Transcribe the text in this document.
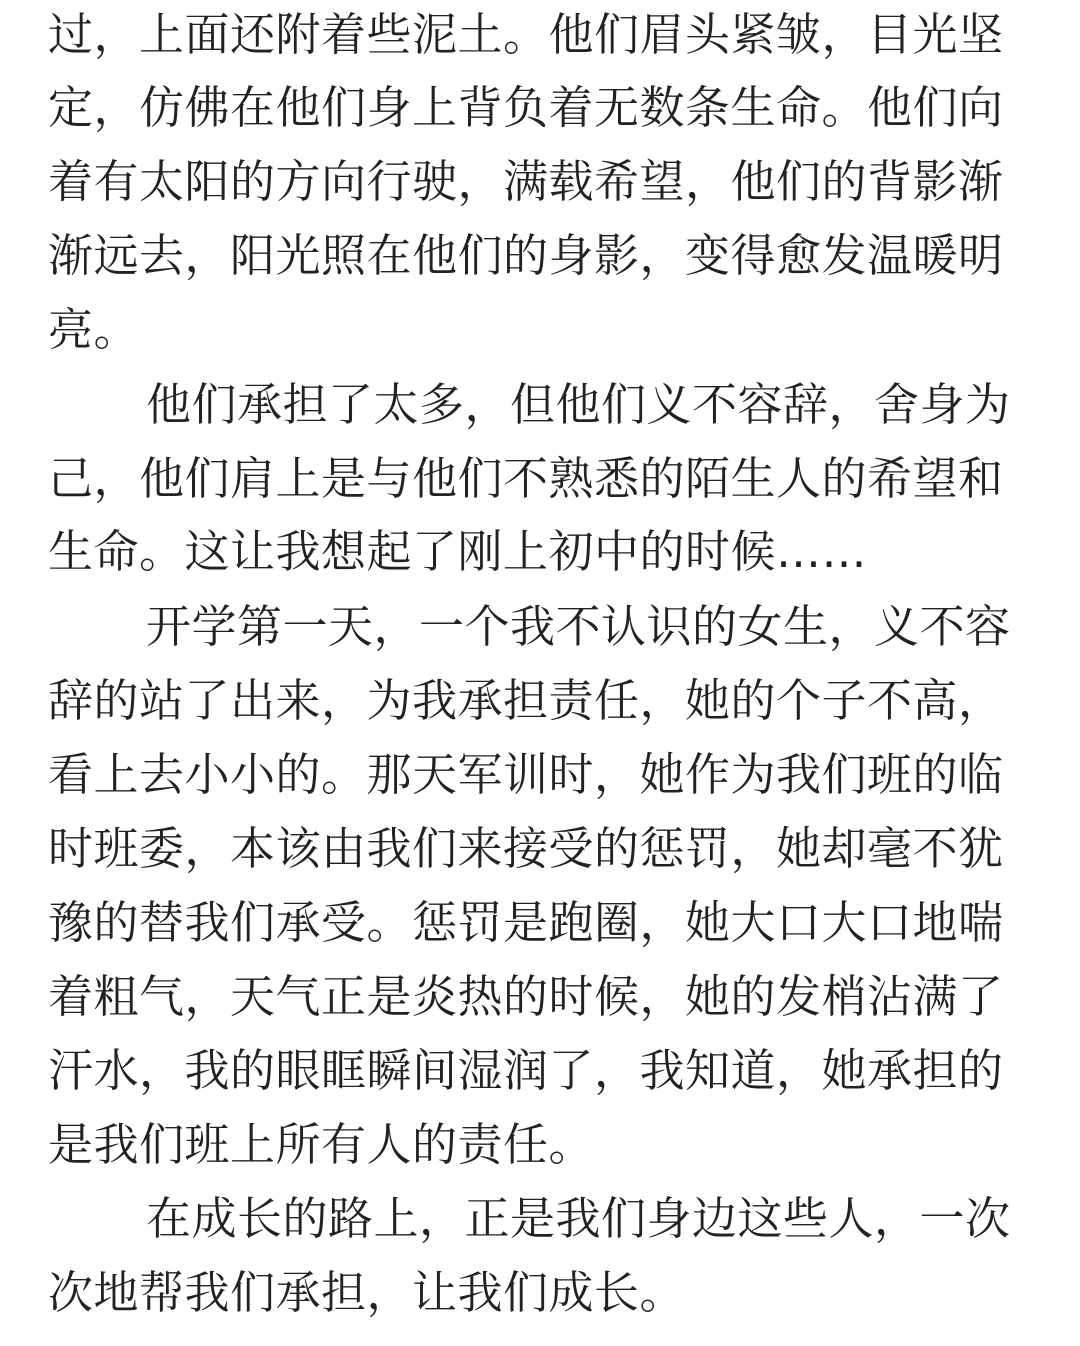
过，上面还附着些泥土。他们眉头紧皱，目光坚
定，仿佛在他们身上背负着无数条生命。他们向
着有太阳的方向行驶，满载希望，他们的背影渐
渐远去，阳光照在他们的身影，变得愈发温暖明
亮。
他们承担了太多，但他们义不容辞，舍身为
己，他们肩上是与他们不熟悉的陌生人的希望和
生命。这让我想起了刚上初中的时候……
开学第一天，一个我不认识的女生，义不容
辞的站了出来，为我承担责任，她的个子不高，
看上去小小的。那天军训时，她作为我们班的临
时班委，本该由我们来接受的惩罚，她却毫不犹
豫的替我们承受。惩罚是跑圈，她大口大口地喘
着粗气，天气正是炎热的时候，她的发梢沾满了
汗水，我的眼眶瞬间湿润了，我知道，她承担的
是我们班上所有人的责任。
在成长的路上，正是我们身边这些人，一次
次地帮我们承担，让我们成长。
